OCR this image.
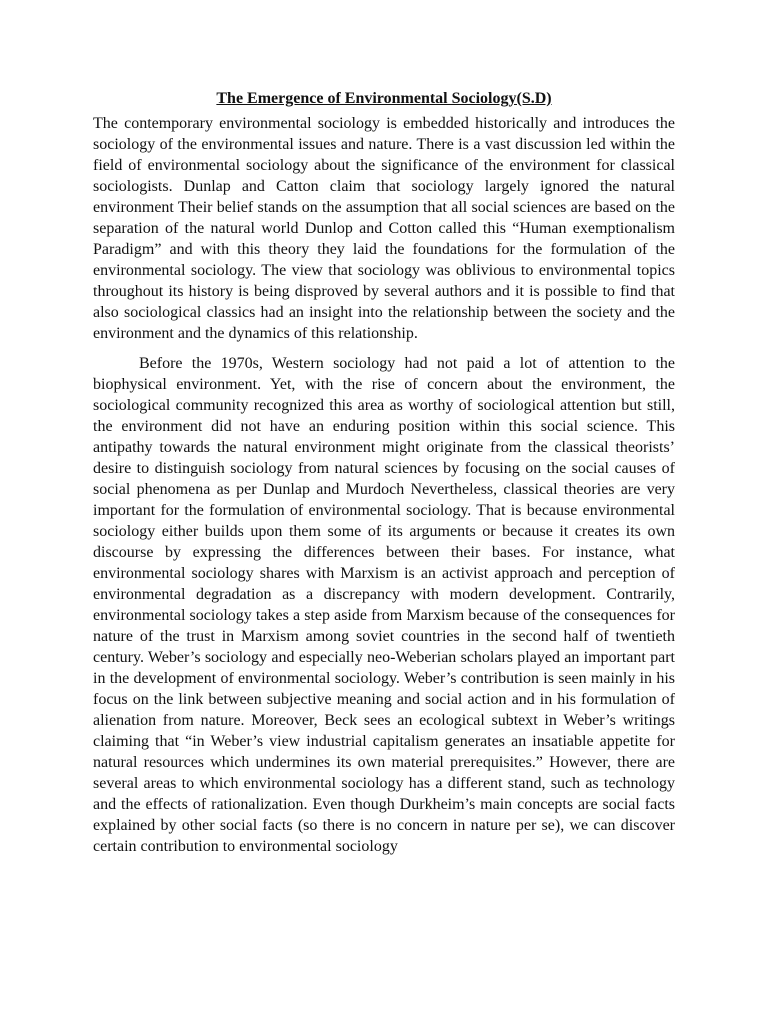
The Emergence of Environmental Sociology(S.D)

The contemporary environmental sociology is embedded historically and introduces the sociology of the environmental issues and nature. There is a vast discussion led within the field of environmental sociology about the significance of the environment for classical sociologists. Dunlap and Catton claim that sociology largely ignored the natural environment Their belief stands on the assumption that all social sciences are based on the separation of the natural world Dunlop and Cotton called this “Human exemptionalism Paradigm” and with this theory they laid the foundations for the formulation of the environmental sociology. The view that sociology was oblivious to environmental topics throughout its history is being disproved by several authors and it is possible to find that also sociological classics had an insight into the relationship between the society and the environment and the dynamics of this relationship.

Before the 1970s, Western sociology had not paid a lot of attention to the biophysical environment. Yet, with the rise of concern about the environment, the sociological community recognized this area as worthy of sociological attention but still, the environment did not have an enduring position within this social science. This antipathy towards the natural environment might originate from the classical theorists’ desire to distinguish sociology from natural sciences by focusing on the social causes of social phenomena as per Dunlap and Murdoch Nevertheless, classical theories are very important for the formulation of environmental sociology. That is because environmental sociology either builds upon them some of its arguments or because it creates its own discourse by expressing the differences between their bases. For instance, what environmental sociology shares with Marxism is an activist approach and perception of environmental degradation as a discrepancy with modern development. Contrarily, environmental sociology takes a step aside from Marxism because of the consequences for nature of the trust in Marxism among soviet countries in the second half of twentieth century. Weber’s sociology and especially neo-Weberian scholars played an important part in the development of environmental sociology. Weber’s contribution is seen mainly in his focus on the link between subjective meaning and social action and in his formulation of alienation from nature. Moreover, Beck sees an ecological subtext in Weber’s writings claiming that “in Weber’s view industrial capitalism generates an insatiable appetite for natural resources which undermines its own material prerequisites.” However, there are several areas to which environmental sociology has a different stand, such as technology and the effects of rationalization. Even though Durkheim’s main concepts are social facts explained by other social facts (so there is no concern in nature per se), we can discover certain contribution to environmental sociology
